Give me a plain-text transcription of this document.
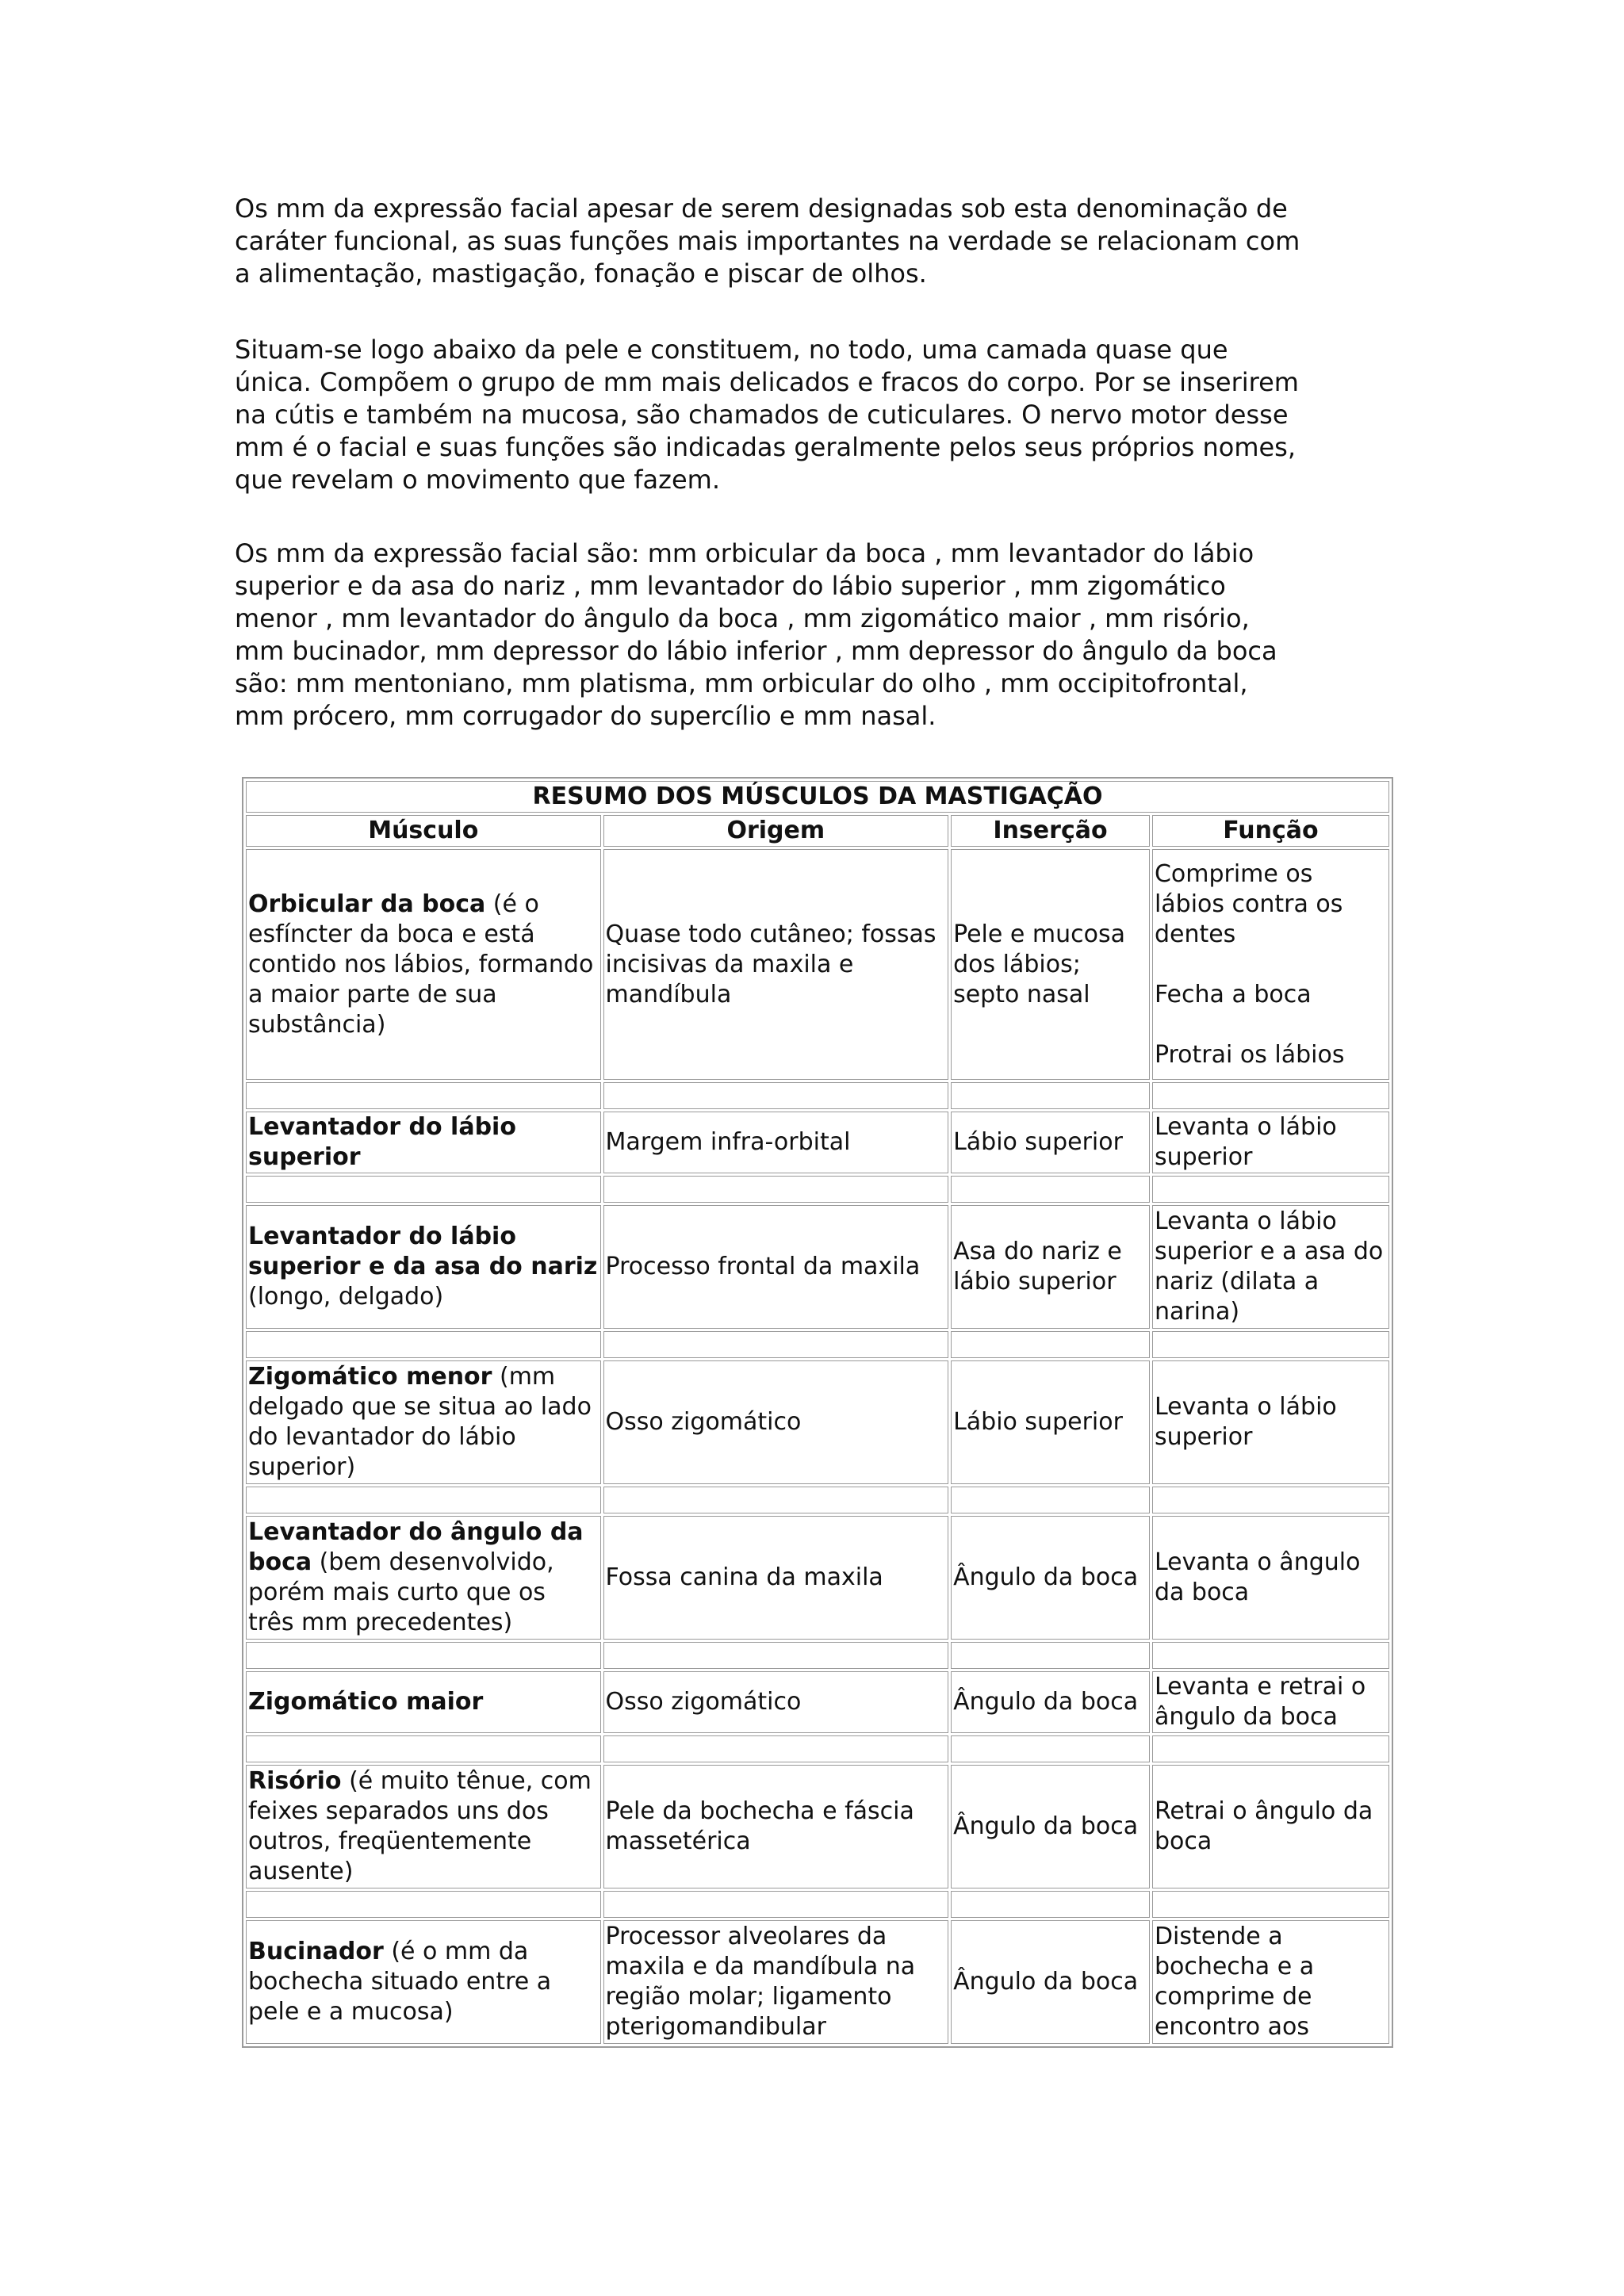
Os mm da expressão facial apesar de serem designadas sob esta denominação de
caráter funcional, as suas funções mais importantes na verdade se relacionam com
a alimentação, mastigação, fonação e piscar de olhos.

Situam-se logo abaixo da pele e constituem, no todo, uma camada quase que
única. Compõem o grupo de mm mais delicados e fracos do corpo. Por se inserirem
na cútis e também na mucosa, são chamados de cuticulares. O nervo motor desse
mm é o facial e suas funções são indicadas geralmente pelos seus próprios nomes,
que revelam o movimento que fazem.

Os mm da expressão facial são: mm orbicular da boca , mm levantador do lábio
superior e da asa do nariz , mm levantador do lábio superior , mm zigomático
menor , mm levantador do ângulo da boca , mm zigomático maior , mm risório,
mm bucinador, mm depressor do lábio inferior , mm depressor do ângulo da boca
são: mm mentoniano, mm platisma, mm orbicular do olho , mm occipitofrontal,
mm prócero, mm corrugador do supercílio e mm nasal.

RESUMO DOS MÚSCULOS DA MASTIGAÇÃO			
Músculo	Origem	Inserção	Função
Orbicular da boca (é o esfíncter da boca e está contido nos lábios, formando a maior parte de sua substância)	Quase todo cutâneo; fossas incisivas da maxila e mandíbula	Pele e mucosa dos lábios; septo nasal	Comprime os lábios contra os dentes
Fecha a boca
Protrai os lábios

Levantador do lábio superior	Margem infra-orbital	Lábio superior	Levanta o lábio superior

Levantador do lábio superior e da asa do nariz (longo, delgado)	Processo frontal da maxila	Asa do nariz e lábio superior	Levanta o lábio superior e a asa do nariz (dilata a narina)

Zigomático menor (mm delgado que se situa ao lado do levantador do lábio superior)	Osso zigomático	Lábio superior	Levanta o lábio superior

Levantador do ângulo da boca (bem desenvolvido, porém mais curto que os três mm precedentes)	Fossa canina da maxila	Ângulo da boca	Levanta o ângulo da boca

Zigomático maior	Osso zigomático	Ângulo da boca	Levanta e retrai o ângulo da boca

Risório (é muito tênue, com feixes separados uns dos outros, freqüentemente ausente)	Pele da bochecha e fáscia massetérica	Ângulo da boca	Retrai o ângulo da boca

Bucinador (é o mm da bochecha situado entre a pele e a mucosa)	Processor alveolares da maxila e da mandíbula na região molar; ligamento pterigomandibular	Ângulo da boca	Distende a bochecha e a comprime de encontro aos
